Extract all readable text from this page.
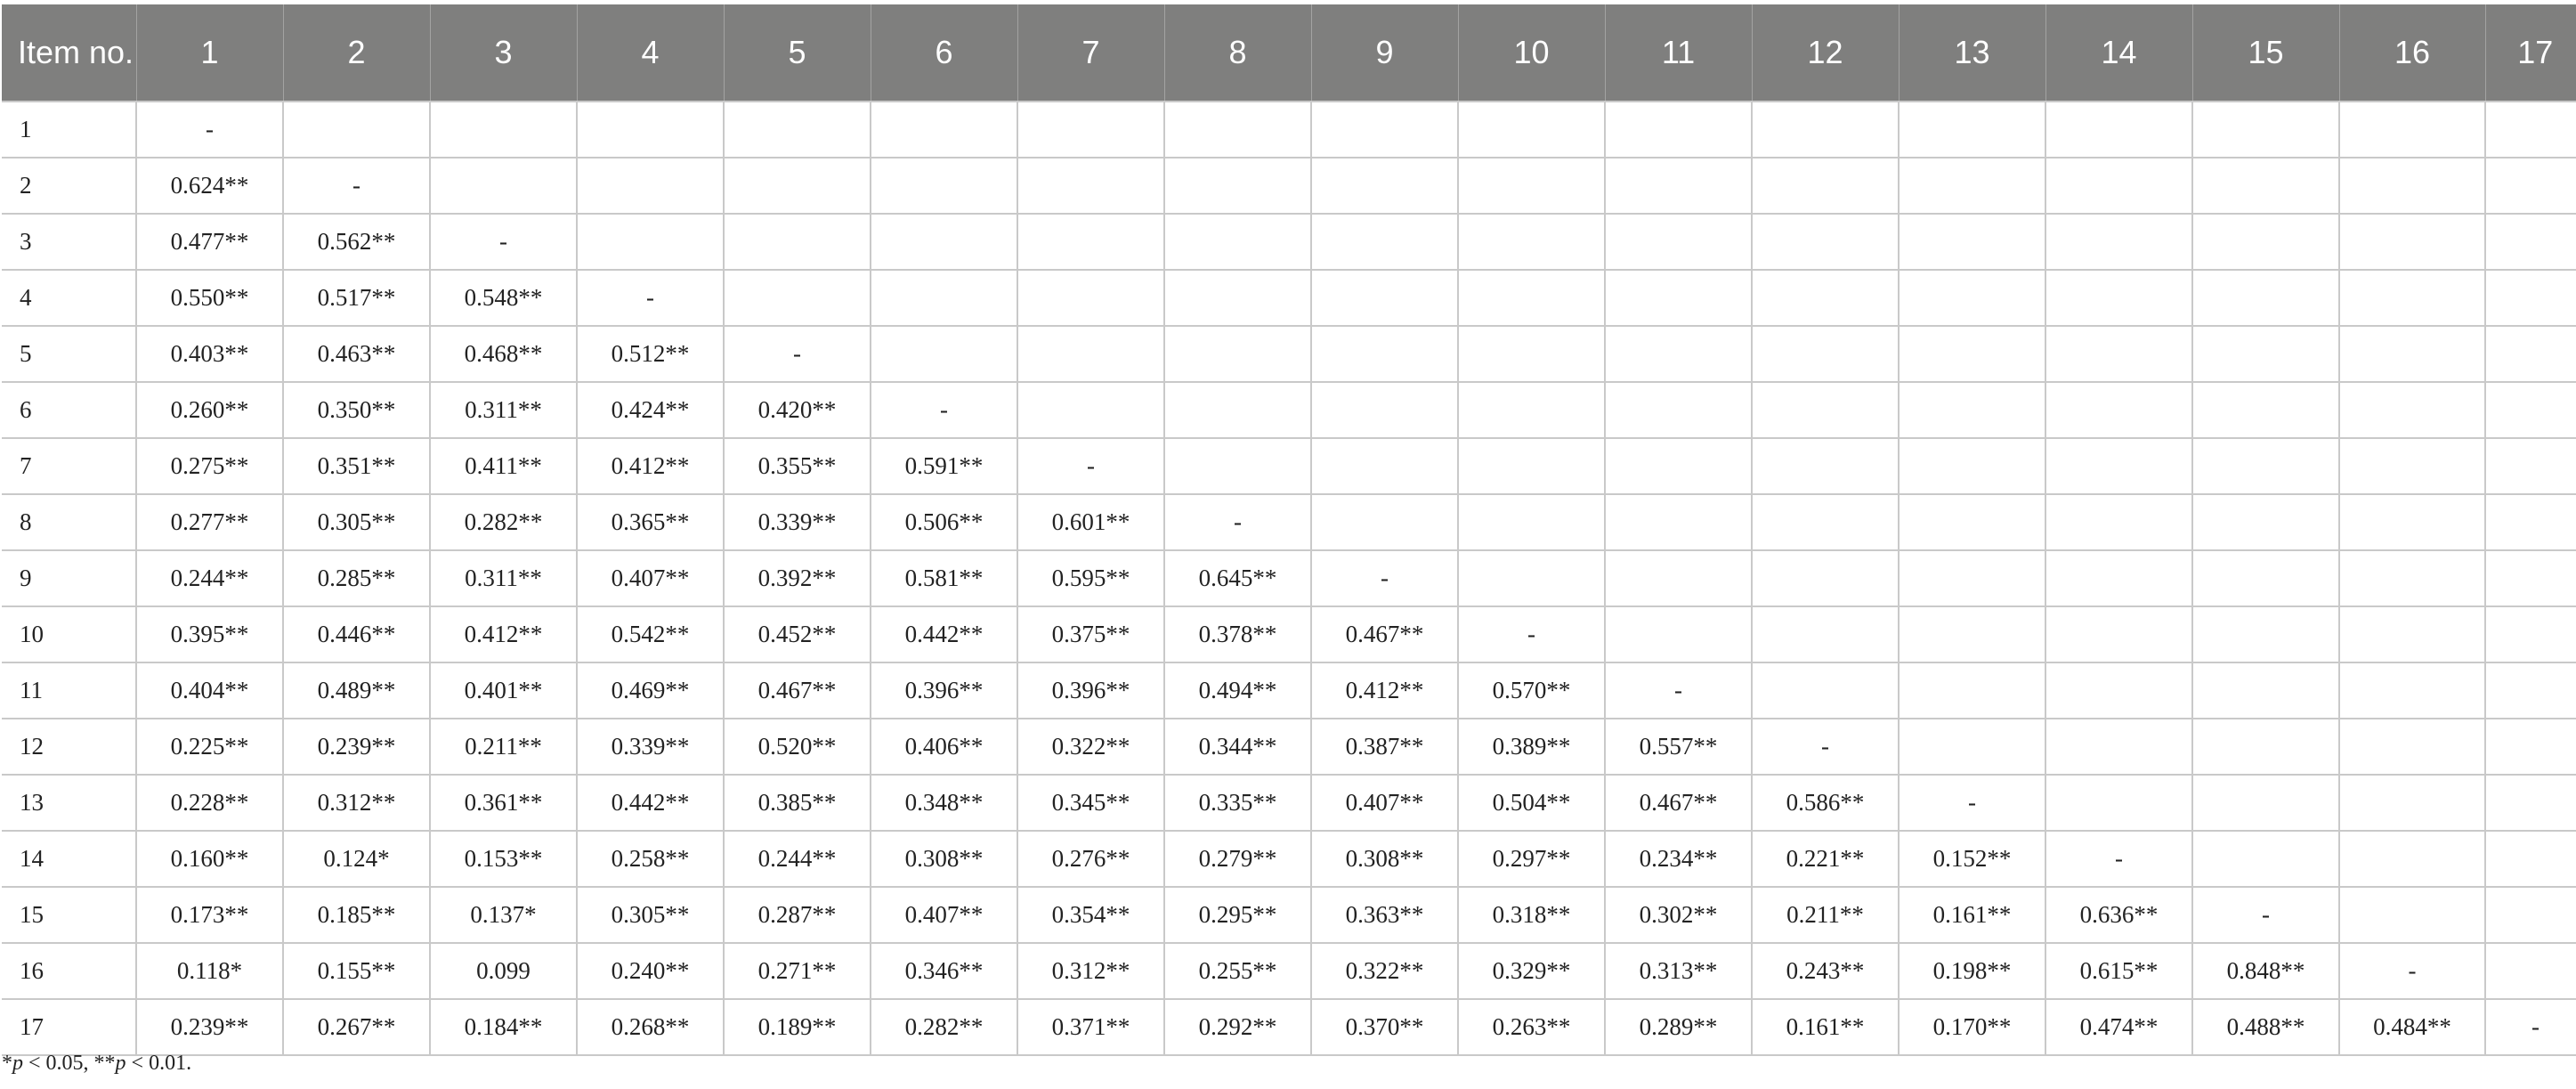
Item no.	1	2	3	4	5	6	7	8	9	10	11	12	13	14	15	16	17
1	-																
2	0.624**	-															
3	0.477**	0.562**	-														
4	0.550**	0.517**	0.548**	-													
5	0.403**	0.463**	0.468**	0.512**	-												
6	0.260**	0.350**	0.311**	0.424**	0.420**	-											
7	0.275**	0.351**	0.411**	0.412**	0.355**	0.591**	-										
8	0.277**	0.305**	0.282**	0.365**	0.339**	0.506**	0.601**	-									
9	0.244**	0.285**	0.311**	0.407**	0.392**	0.581**	0.595**	0.645**	-								
10	0.395**	0.446**	0.412**	0.542**	0.452**	0.442**	0.375**	0.378**	0.467**	-							
11	0.404**	0.489**	0.401**	0.469**	0.467**	0.396**	0.396**	0.494**	0.412**	0.570**	-						
12	0.225**	0.239**	0.211**	0.339**	0.520**	0.406**	0.322**	0.344**	0.387**	0.389**	0.557**	-					
13	0.228**	0.312**	0.361**	0.442**	0.385**	0.348**	0.345**	0.335**	0.407**	0.504**	0.467**	0.586**	-				
14	0.160**	0.124*	0.153**	0.258**	0.244**	0.308**	0.276**	0.279**	0.308**	0.297**	0.234**	0.221**	0.152**	-			
15	0.173**	0.185**	0.137*	0.305**	0.287**	0.407**	0.354**	0.295**	0.363**	0.318**	0.302**	0.211**	0.161**	0.636**	-		
16	0.118*	0.155**	0.099	0.240**	0.271**	0.346**	0.312**	0.255**	0.322**	0.329**	0.313**	0.243**	0.198**	0.615**	0.848**	-	
17	0.239**	0.267**	0.184**	0.268**	0.189**	0.282**	0.371**	0.292**	0.370**	0.263**	0.289**	0.161**	0.170**	0.474**	0.488**	0.484**	-

*p < 0.05, **p < 0.01.
